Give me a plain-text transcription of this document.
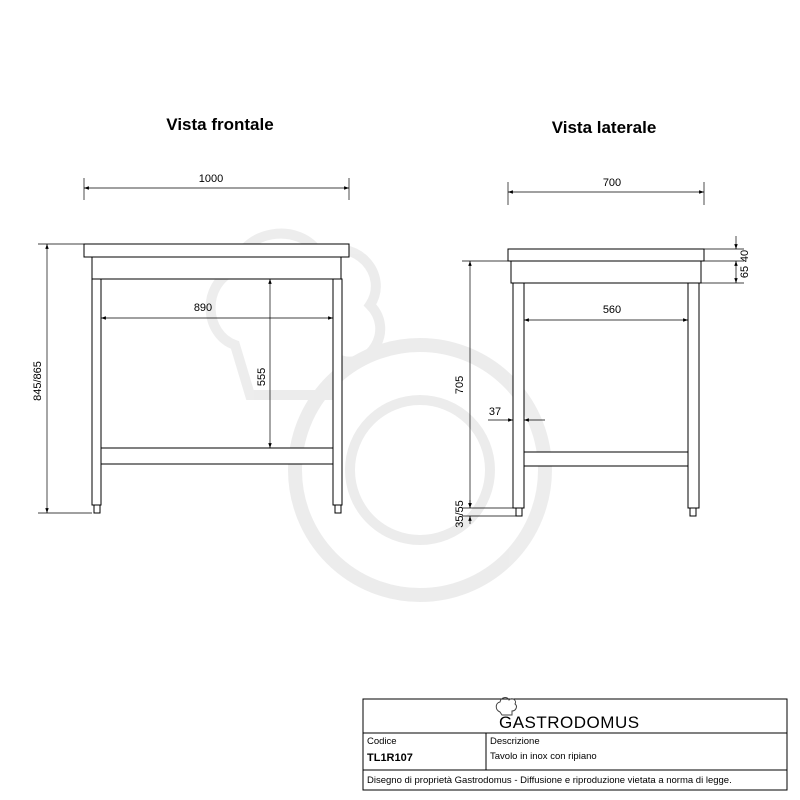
Vista frontale
1000
845/865
890
555
Vista laterale
700
40
65
560
705
37
35/55
GASTRODOMUS
Codice
TL1R107
Descrizione
Tavolo in inox con ripiano
Disegno di proprietà Gastrodomus - Diffusione e riproduzione vietata a norma di legge.
